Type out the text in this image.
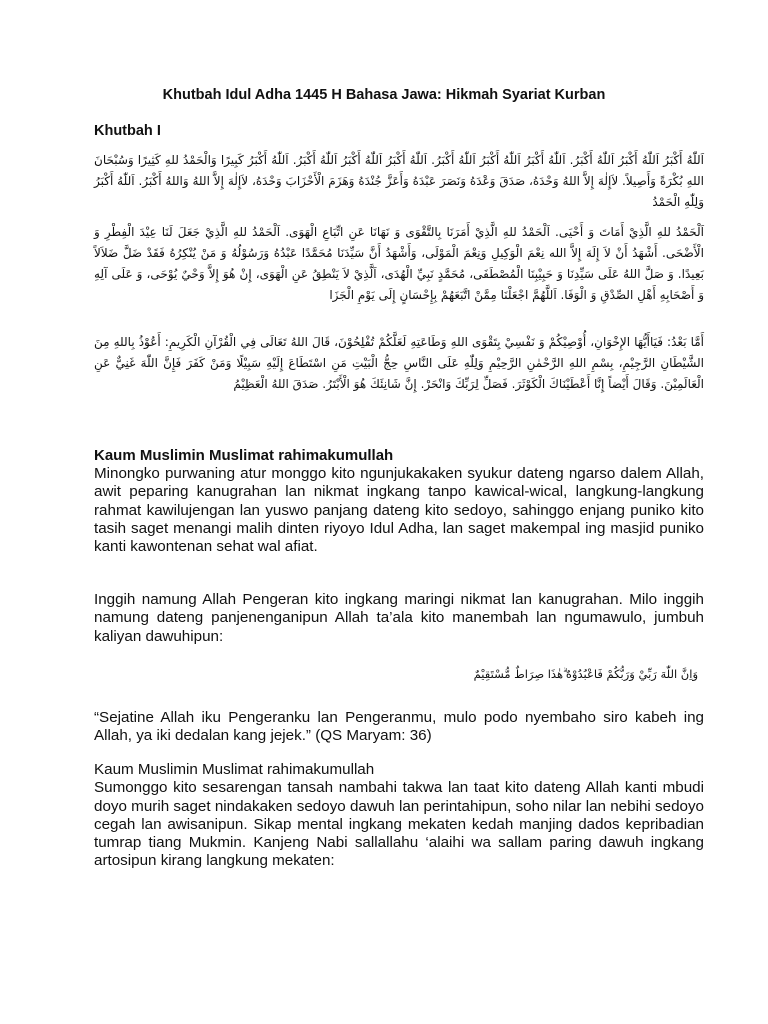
Khutbah Idul Adha 1445 H Bahasa Jawa: Hikmah Syariat Kurban
Khutbah I
اَللّٰهُ أَكْبَرُ اَللّٰهُ أَكْبَرُ اَللّٰهُ أَكْبَرُ. اَللّٰهُ أَكْبَرُ اَللّٰهُ أَكْبَرُ اَللّٰهُ أَكْبَرُ. اَللّٰهُ أَكْبَرُ اَللّٰهُ أَكْبَرُ اَللّٰهُ أَكْبَرُ. اَللّٰهُ أَكْبَرُ كَبِيرًا وَالْحَمْدُ للهِ كَثِيرًا وَسُبْحَانَ اللهِ بُكْرَةً وَأَصِيلاً. لاَإِلٰهَ إِلاَّ اللهُ وَحْدَهُ، صَدَقَ وَعْدَهُ وَنَصَرَ عَبْدَهُ وَأَعَزَّ جُنْدَهُ وَهَزَمَ الْأَحْزَابَ وَحْدَهُ، لاَإِلٰهَ إِلاَّ اللهُ وَاللهُ أَكْبَرُ. اَللّٰهُ أَكْبَرُ وَلِلّٰهِ الْحَمْدُ
اَلْحَمْدُ للهِ الَّذِيْ أَمَاتَ وَ أَحْيَى. اَلْحَمْدُ للهِ الَّذِيْ أَمَرَنَا بِالتَّقْوَى وَ نَهَانَا عَنِ اتِّبَاعِ الْهَوَى. اَلْحَمْدُ للهِ الَّذِيْ جَعَلَ لَنَا عِيْدَ الْفِطْرِ وَ الْأَضْحَى. أَشْهَدُ أَنْ لاَ إِلَهَ إِلاَّ الله نِعْمَ الْوَكِيلِ وَنِعْمَ الْمَوْلَى، وَأَشْهَدُ أَنَّ سَيِّدَنَا مُحَمَّدًا عَبْدُهُ وَرَسُوْلُهُ وَ مَنْ يُنْكِرُهُ فَقَدْ ضَلَّ ضَلاَلاً بَعِيدًا. وَ صَلَّ اللهُ عَلَى سَيِّدِنَا وَ حَبِيْبِنَا الْمُصْطَفَى، مُحَمَّدٍ نَبِيِّ الْهُدَى، اَلَّذِيْ لاَ يَنْطِقُ عَنِ الْهَوَى، إِنْ هُوَ إِلاَّ وَحْيٌ يُوْحَى، وَ عَلَى آلِهِ وَ أَصْحَابِهِ أَهْلِ الصِّدْقِ وَ الْوَفَا. اَللَّهُمَّ اجْعَلْنَا مِمَّنْ اتَّبَعَهُمْ بِإِحْسَانٍ إِلَى يَوْمِ الْجَزَا
أَمَّا بَعْدُ: فَيَاأَيُّهَا الإِخْوَانِ، أُوْصِيْكُمْ وَ نَفْسِيْ بِتَقْوَى اللهِ وَطَاعَتِهِ لَعَلَّكُمْ تُفْلِحُوْنَ، قَالَ اللهُ تَعَالَى فِي الْقُرْآنِ الْكَرِيمِ: أَعُوْذُ بِاللهِ مِنَ الشَّيْطَانِ الرَّجِيْمِ، بِسْمِ اللهِ الرَّحْمٰنِ الرَّحِيْمِ وَلِلّٰهِ عَلَى النَّاسِ حِجُّ الْبَيْتِ مَنِ اسْتَطَاعَ إِلَيْهِ سَبِيْلًا وَمَنْ كَفَرَ فَإِنَّ اللّٰهَ غَنِيٌّ عَنِ الْعَالَمِيْنَ. وَقَالَ أَيْضاً إِنَّا أَعْطَيْنَاكَ الْكَوْثَرَ. فَصَلِّ لِرَبِّكَ وَانْحَرْ. إِنَّ شَانِئَكَ هُوَ الْأَبْتَرُ. صَدَقَ اللهُ الْعَظِيْمُ
Kaum Muslimin Muslimat rahimakumullah
Minongko purwaning atur monggo kito ngunjukakaken syukur dateng ngarso dalem Allah, awit peparing kanugrahan lan nikmat ingkang tanpo kawical-wical, langkung-langkung rahmat kawilujengan lan yuswo panjang dateng kito sedoyo, sahinggo enjang puniko kito tasih saget menangi malih dinten riyoyo Idul Adha, lan saget makempal ing masjid puniko kanti kawontenan sehat wal afiat.
Inggih namung Allah Pengeran kito ingkang maringi nikmat lan kanugrahan. Milo inggih namung dateng panjenenganipun Allah ta’ala kito manembah lan ngumawulo, jumbuh kaliyan dawuhipun:
وَاِنَّ اللّٰهَ رَبِّيْ وَرَبُّكُمْ فَاعْبُدُوْهُ ۗهٰذَا صِرَاطٌ مُّسْتَقِيْمٌ
“Sejatine Allah iku Pengeranku lan Pengeranmu, mulo podo nyembaho siro kabeh ing Allah, ya iki dedalan kang jejek.” (QS Maryam: 36)
Kaum Muslimin Muslimat rahimakumullah
Sumonggo kito sesarengan tansah nambahi takwa lan taat kito dateng Allah kanti mbudi doyo murih saget nindakaken sedoyo dawuh lan perintahipun, soho nilar lan nebihi sedoyo cegah lan awisanipun. Sikap mental ingkang mekaten kedah manjing dados kepribadian tumrap tiang Mukmin. Kanjeng Nabi sallallahu ‘alaihi wa sallam paring dawuh ingkang artosipun kirang langkung mekaten:
